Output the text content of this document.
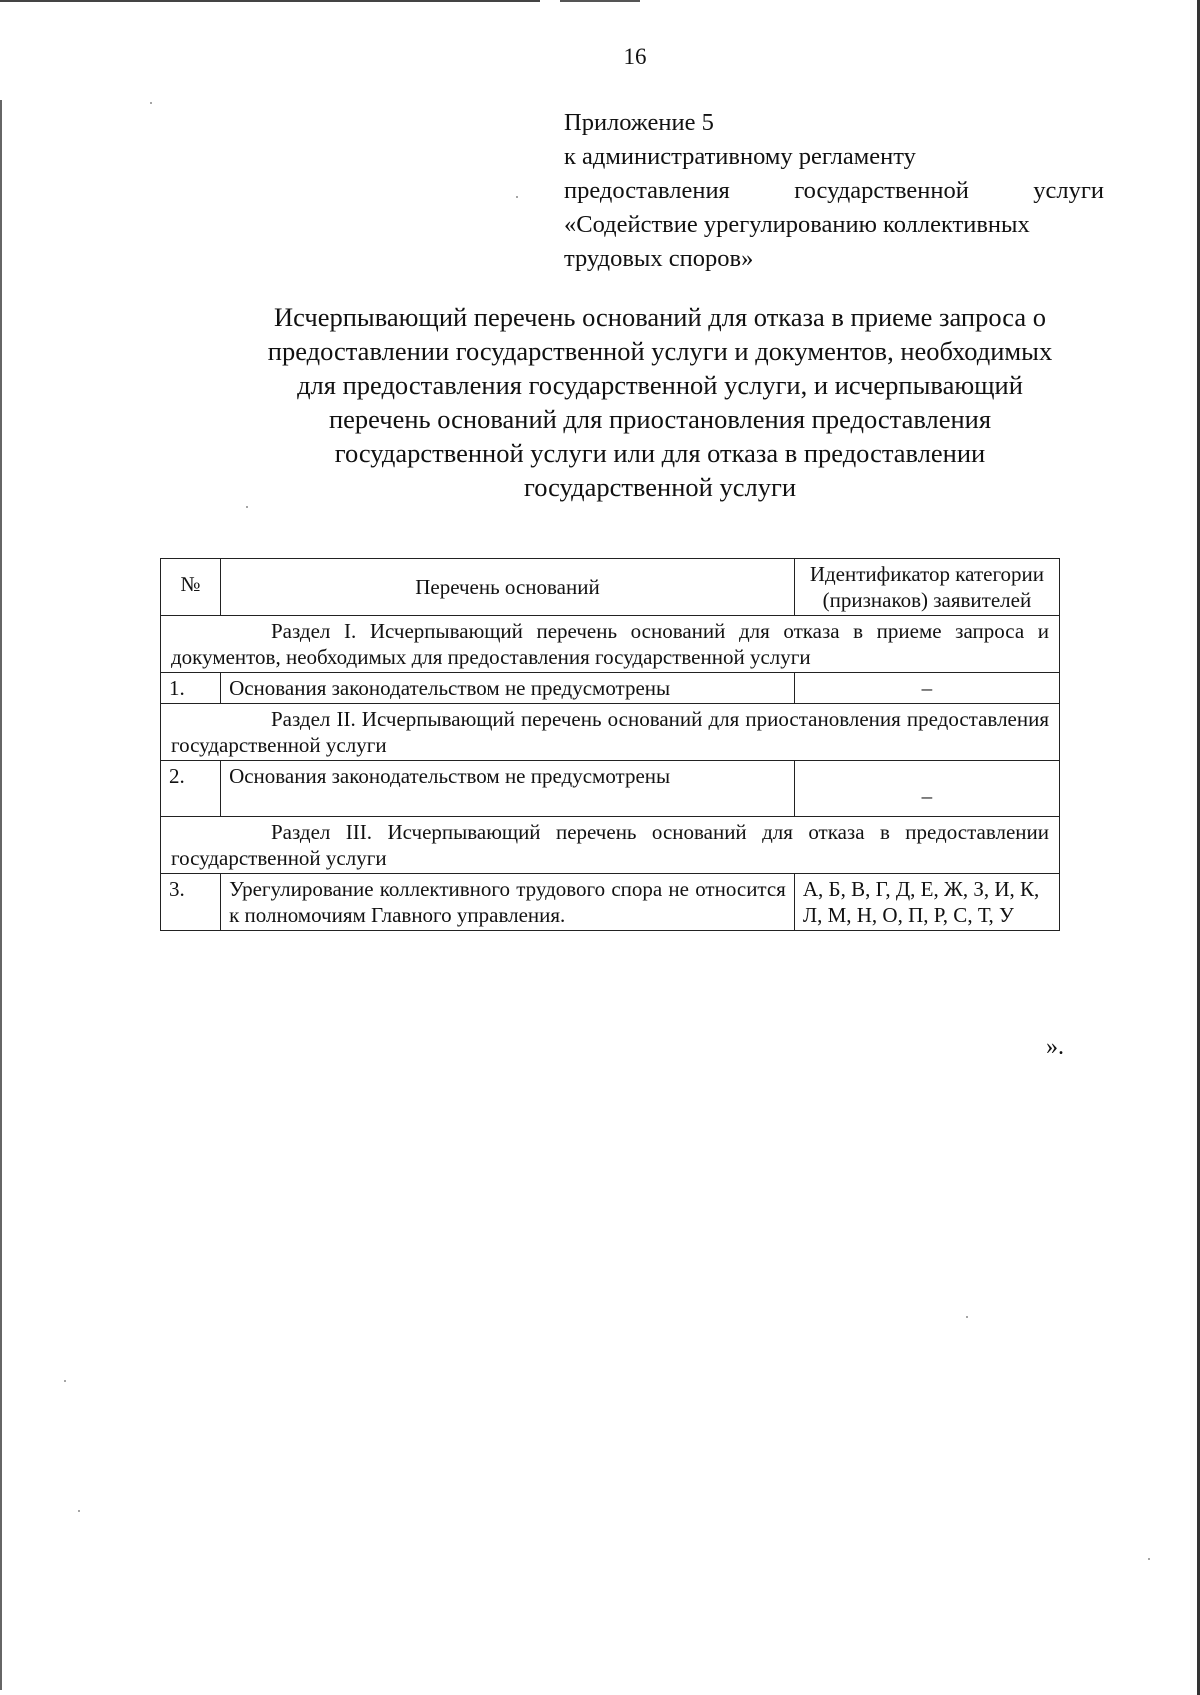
16
Приложение 5
к административному регламенту
предоставления	государственной	услуги
«Содействие урегулированию коллективных
трудовых споров»
Исчерпывающий перечень оснований для отказа в приеме запроса о
предоставлении государственной услуги и документов, необходимых
для предоставления государственной услуги, и исчерпывающий
перечень оснований для приостановления предоставления
государственной услуги или для отказа в предоставлении
государственной услуги
№	Перечень оснований	Идентификатор категории (признаков) заявителей
Раздел I. Исчерпывающий перечень оснований для отказа в приеме запроса и документов, необходимых для предоставления государственной услуги		
1.	Основания законодательством не предусмотрены	–
Раздел II. Исчерпывающий перечень оснований для приостановления предоставления государственной услуги		
2.	Основания законодательством не предусмотрены	–
Раздел III. Исчерпывающий перечень оснований для отказа в предоставлении государственной услуги		
3.	Урегулирование коллективного трудового спора не относится к полномочиям Главного управления.	А, Б, В, Г, Д, Е, Ж, З, И, К, Л, М, Н, О, П, Р, С, Т, У
».
